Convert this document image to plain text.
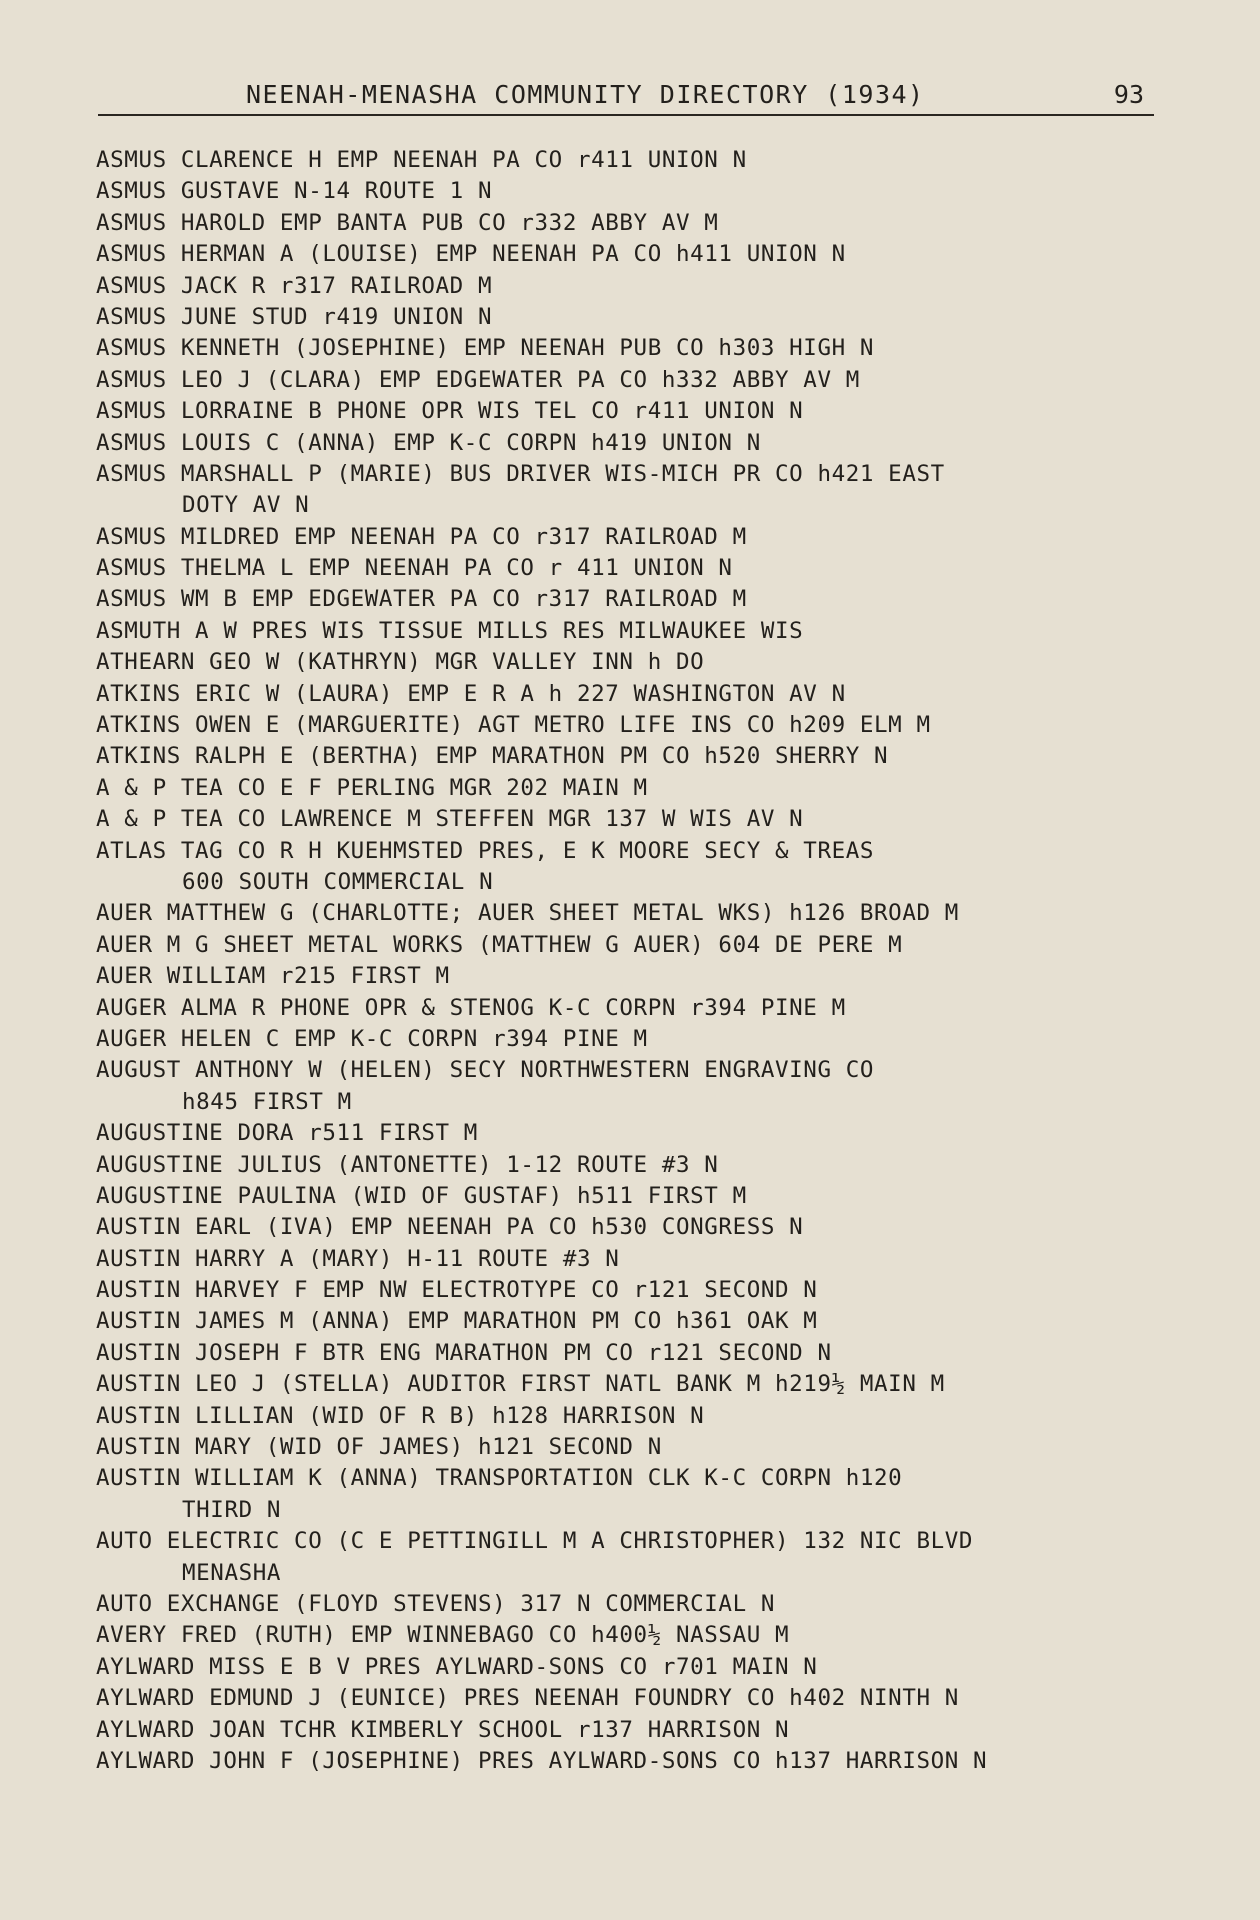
NEENAH-MENASHA COMMUNITY DIRECTORY (1934)	93
ASMUS CLARENCE H EMP NEENAH PA CO r411 UNION N
ASMUS GUSTAVE N-14 ROUTE 1 N
ASMUS HAROLD EMP BANTA PUB CO r332 ABBY AV M
ASMUS HERMAN A (LOUISE) EMP NEENAH PA CO h411 UNION N
ASMUS JACK R r317 RAILROAD M
ASMUS JUNE STUD r419 UNION N
ASMUS KENNETH (JOSEPHINE) EMP NEENAH PUB CO h303 HIGH N
ASMUS LEO J (CLARA) EMP EDGEWATER PA CO h332 ABBY AV M
ASMUS LORRAINE B PHONE OPR WIS TEL CO r411 UNION N
ASMUS LOUIS C (ANNA) EMP K-C CORPN h419 UNION N
ASMUS MARSHALL P (MARIE) BUS DRIVER WIS-MICH PR CO h421 EAST
DOTY AV N
ASMUS MILDRED EMP NEENAH PA CO r317 RAILROAD M
ASMUS THELMA L EMP NEENAH PA CO r 411 UNION N
ASMUS WM B EMP EDGEWATER PA CO r317 RAILROAD M
ASMUTH A W PRES WIS TISSUE MILLS RES MILWAUKEE WIS
ATHEARN GEO W (KATHRYN) MGR VALLEY INN h DO
ATKINS ERIC W (LAURA) EMP E R A h 227 WASHINGTON AV N
ATKINS OWEN E (MARGUERITE) AGT METRO LIFE INS CO h209 ELM M
ATKINS RALPH E (BERTHA) EMP MARATHON PM CO h520 SHERRY N
A & P TEA CO E F PERLING MGR 202 MAIN M
A & P TEA CO LAWRENCE M STEFFEN MGR 137 W WIS AV N
ATLAS TAG CO R H KUEHMSTED PRES, E K MOORE SECY & TREAS
600 SOUTH COMMERCIAL N
AUER MATTHEW G (CHARLOTTE; AUER SHEET METAL WKS) h126 BROAD M
AUER M G SHEET METAL WORKS (MATTHEW G AUER) 604 DE PERE M
AUER WILLIAM r215 FIRST M
AUGER ALMA R PHONE OPR & STENOG K-C CORPN r394 PINE M
AUGER HELEN C EMP K-C CORPN r394 PINE M
AUGUST ANTHONY W (HELEN) SECY NORTHWESTERN ENGRAVING CO
h845 FIRST M
AUGUSTINE DORA r511 FIRST M
AUGUSTINE JULIUS (ANTONETTE) 1-12 ROUTE #3 N
AUGUSTINE PAULINA (WID OF GUSTAF) h511 FIRST M
AUSTIN EARL (IVA) EMP NEENAH PA CO h530 CONGRESS N
AUSTIN HARRY A (MARY) H-11 ROUTE #3 N
AUSTIN HARVEY F EMP NW ELECTROTYPE CO r121 SECOND N
AUSTIN JAMES M (ANNA) EMP MARATHON PM CO h361 OAK M
AUSTIN JOSEPH F BTR ENG MARATHON PM CO r121 SECOND N
AUSTIN LEO J (STELLA) AUDITOR FIRST NATL BANK M h219½ MAIN M
AUSTIN LILLIAN (WID OF R B) h128 HARRISON N
AUSTIN MARY (WID OF JAMES) h121 SECOND N
AUSTIN WILLIAM K (ANNA) TRANSPORTATION CLK K-C CORPN h120
THIRD N
AUTO ELECTRIC CO (C E PETTINGILL M A CHRISTOPHER) 132 NIC BLVD
MENASHA
AUTO EXCHANGE (FLOYD STEVENS) 317 N COMMERCIAL N
AVERY FRED (RUTH) EMP WINNEBAGO CO h400½ NASSAU M
AYLWARD MISS E B V PRES AYLWARD-SONS CO r701 MAIN N
AYLWARD EDMUND J (EUNICE) PRES NEENAH FOUNDRY CO h402 NINTH N
AYLWARD JOAN TCHR KIMBERLY SCHOOL r137 HARRISON N
AYLWARD JOHN F (JOSEPHINE) PRES AYLWARD-SONS CO h137 HARRISON N
